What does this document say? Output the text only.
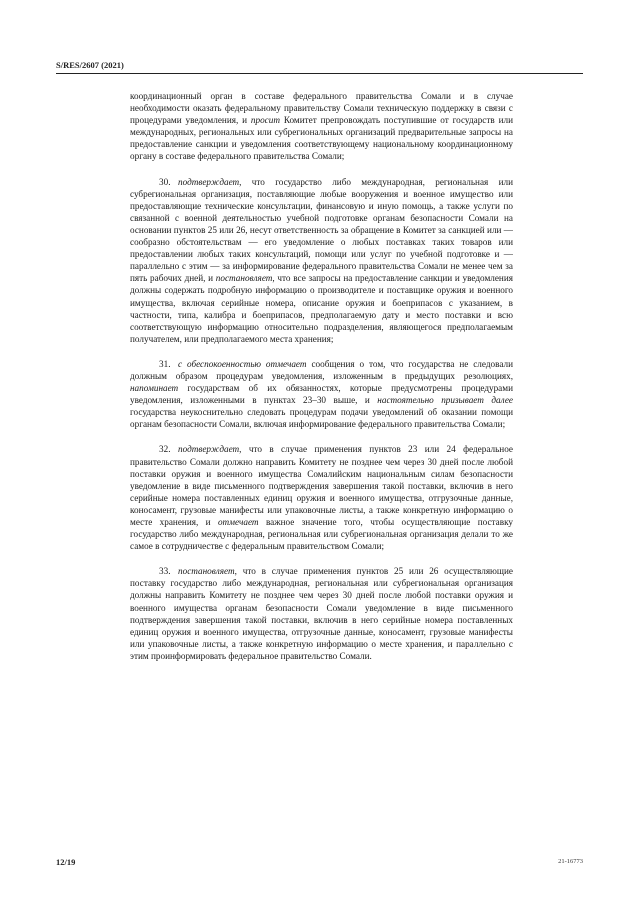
S/RES/2607 (2021)

координационный орган в составе федерального правительства Сомали и в случае необходимости оказать федеральному правительству Сомали техническую поддержку в связи с процедурами уведомления, и просит Комитет препровождать поступившие от государств или международных, региональных или субрегиональных организаций предварительные запросы на предоставление санкции и уведомления соответствующему национальному координационному органу в составе федерального правительства Сомали;

30. подтверждает, что государство либо международная, региональная или субрегиональная организация, поставляющие любые вооружения и военное имущество или предоставляющие технические консультации, финансовую и иную помощь, а также услуги по связанной с военной деятельностью учебной подготовке органам безопасности Сомали на основании пунктов 25 или 26, несут ответственность за обращение в Комитет за санкцией или — сообразно обстоятельствам — его уведомление о любых поставках таких товаров или предоставлении любых таких консультаций, помощи или услуг по учебной подготовке и — параллельно с этим — за информирование федерального правительства Сомали не менее чем за пять рабочих дней, и постановляет, что все запросы на предоставление санкции и уведомления должны содержать подробную информацию о производителе и поставщике оружия и военного имущества, включая серийные номера, описание оружия и боеприпасов с указанием, в частности, типа, калибра и боеприпасов, предполагаемую дату и место поставки и всю соответствующую информацию относительно подразделения, являющегося предполагаемым получателем, или предполагаемого места хранения;

31. с обеспокоенностью отмечает сообщения о том, что государства не следовали должным образом процедурам уведомления, изложенным в предыдущих резолюциях, напоминает государствам об их обязанностях, которые предусмотрены процедурами уведомления, изложенными в пунктах 23–30 выше, и настоятельно призывает далее государства неукоснительно следовать процедурам подачи уведомлений об оказании помощи органам безопасности Сомали, включая информирование федерального правительства Сомали;

32. подтверждает, что в случае применения пунктов 23 или 24 федеральное правительство Сомали должно направить Комитету не позднее чем через 30 дней после любой поставки оружия и военного имущества Сомалийским национальным силам безопасности уведомление в виде письменного подтверждения завершения такой поставки, включив в него серийные номера поставленных единиц оружия и военного имущества, отгрузочные данные, коносамент, грузовые манифесты или упаковочные листы, а также конкретную информацию о месте хранения, и отмечает важное значение того, чтобы осуществляющие поставку государство либо международная, региональная или субрегиональная организация делали то же самое в сотрудничестве с федеральным правительством Сомали;

33. постановляет, что в случае применения пунктов 25 или 26 осуществляющие поставку государство либо международная, региональная или субрегиональная организация должны направить Комитету не позднее чем через 30 дней после любой поставки оружия и военного имущества органам безопасности Сомали уведомление в виде письменного подтверждения завершения такой поставки, включив в него серийные номера поставленных единиц оружия и военного имущества, отгрузочные данные, коносамент, грузовые манифесты или упаковочные листы, а также конкретную информацию о месте хранения, и параллельно с этим проинформировать федеральное правительство Сомали.

12/19	21-16773
